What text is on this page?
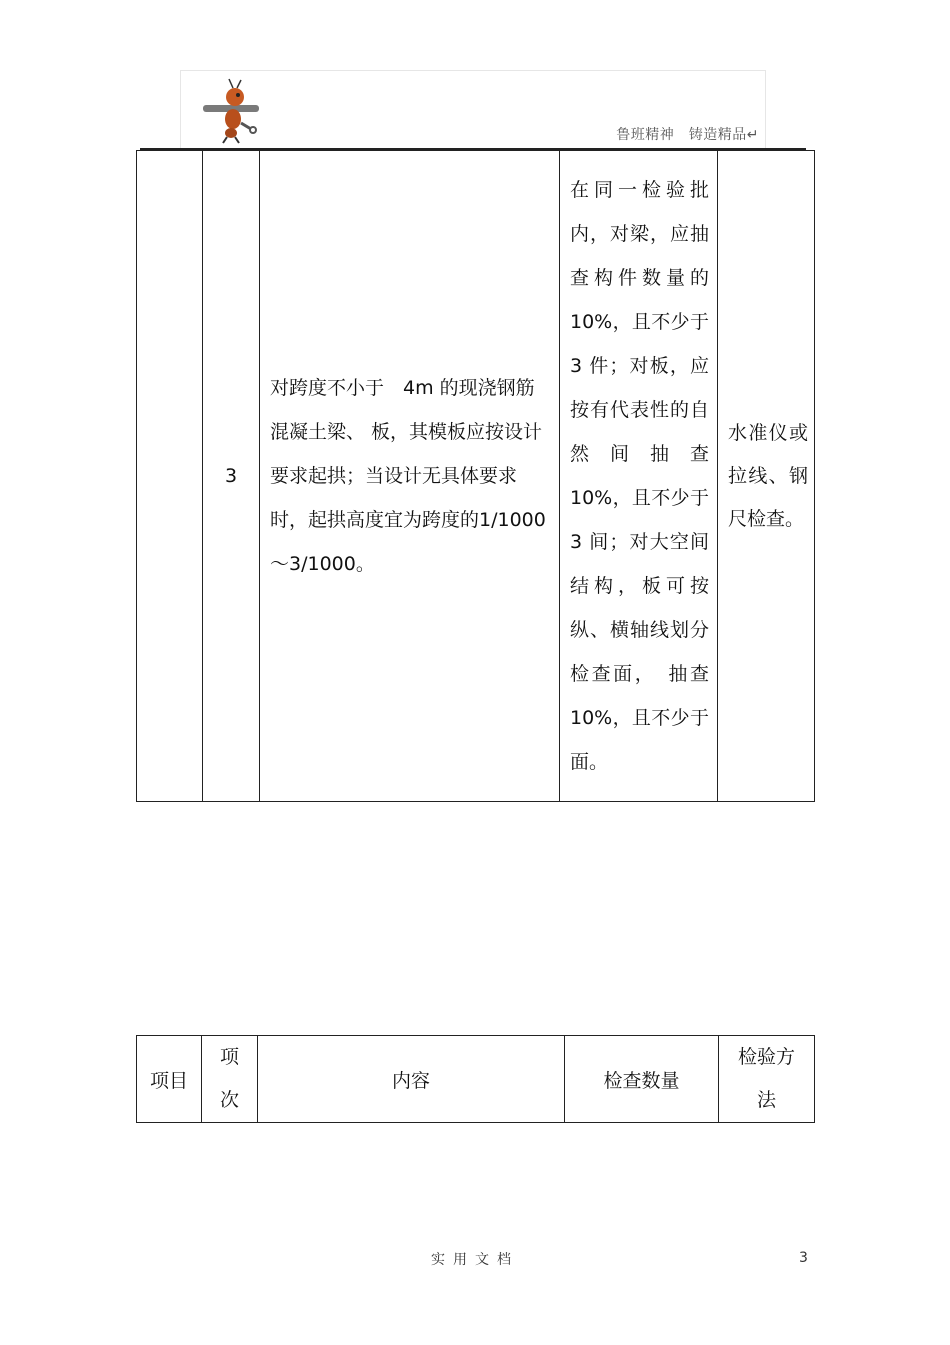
鲁班精神　铸造精品↵
	3	对跨度不小于　4m 的现浇钢筋混凝土梁、 板，其模板应按设计要求起拱；当设计无具体要求时，起拱高度宜为跨度的1/1000～3/1000。	在同一检验批内，对梁，应抽查构件数量的　10%，且不少于　3 件；对板，应按有代表性的自然间抽查　10%，且不少于　3 间；对大空间结构，板可按纵、横轴线划分检查面，　抽查10%，且不少于面。	水准仪或拉线、钢尺检查。
项目	项次	内容	检查数量	检验方法
实用文档	3
